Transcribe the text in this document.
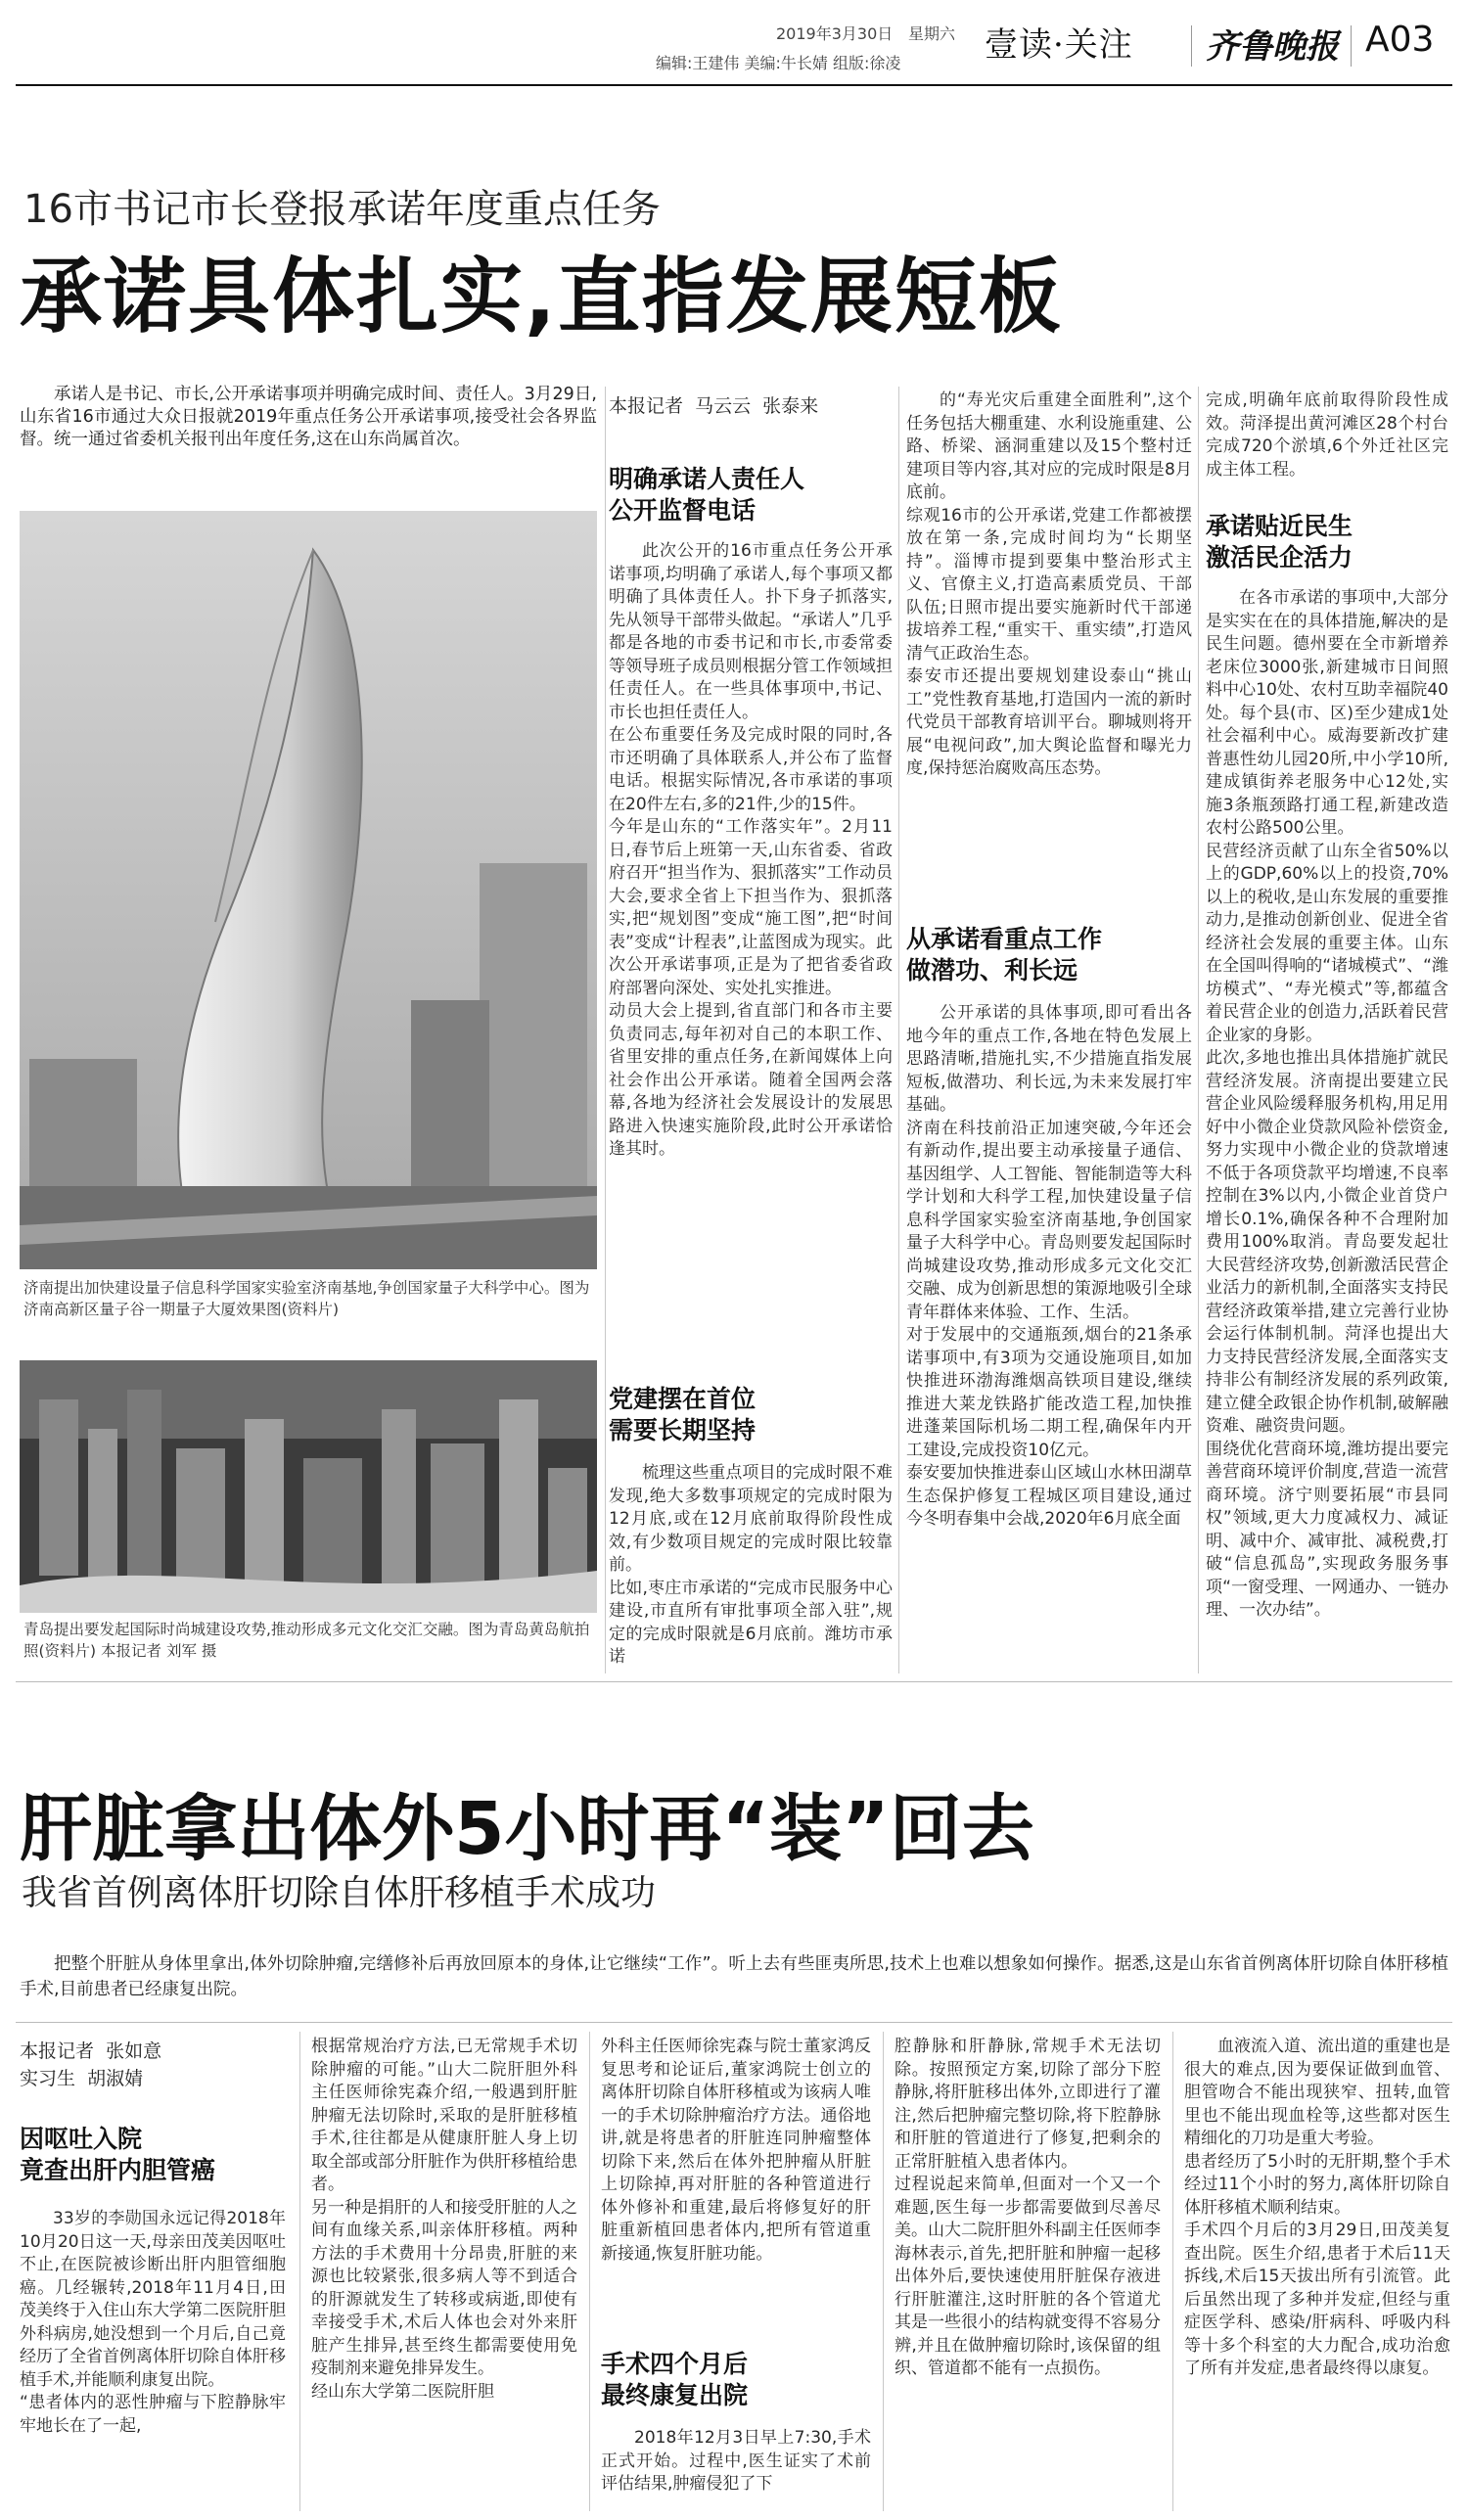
2019年3月30日 星期六
编辑:王建伟 美编:牛长婧 组版:徐凌	壹读·关注 齐鲁晚报 A03
16市书记市长登报承诺年度重点任务
承诺具体扎实,直指发展短板
承诺人是书记、市长,公开承诺事项并明确完成时间、责任人。3月29日,山东省16市通过大众日报就2019年重点任务公开承诺事项,接受社会各界监督。统一通过省委机关报刊出年度任务,这在山东尚属首次。
济南提出加快建设量子信息科学国家实验室济南基地,争创国家量子大科学中心。图为济南高新区量子谷一期量子大厦效果图(资料片)
青岛提出要发起国际时尚城建设攻势,推动形成多元文化交汇交融。图为青岛黄岛航拍照(资料片) 本报记者 刘军 摄
本报记者  马云云  张泰来
明确承诺人责任人
公开监督电话
此次公开的16市重点任务公开承诺事项,均明确了承诺人,每个事项又都明确了具体责任人。扑下身子抓落实,先从领导干部带头做起。“承诺人”几乎都是各地的市委书记和市长,市委常委等领导班子成员则根据分管工作领域担任责任人。在一些具体事项中,书记、市长也担任责任人。
在公布重要任务及完成时限的同时,各市还明确了具体联系人,并公布了监督电话。根据实际情况,各市承诺的事项在20件左右,多的21件,少的15件。
今年是山东的“工作落实年”。2月11日,春节后上班第一天,山东省委、省政府召开“担当作为、狠抓落实”工作动员大会,要求全省上下担当作为、狠抓落实,把“规划图”变成“施工图”,把“时间表”变成“计程表”,让蓝图成为现实。此次公开承诺事项,正是为了把省委省政府部署向深处、实处扎实推进。
动员大会上提到,省直部门和各市主要负责同志,每年初对自己的本职工作、省里安排的重点任务,在新闻媒体上向社会作出公开承诺。随着全国两会落幕,各地为经济社会发展设计的发展思路进入快速实施阶段,此时公开承诺恰逢其时。
党建摆在首位
需要长期坚持
梳理这些重点项目的完成时限不难发现,绝大多数事项规定的完成时限为12月底,或在12月底前取得阶段性成效,有少数项目规定的完成时限比较靠前。
比如,枣庄市承诺的“完成市民服务中心建设,市直所有审批事项全部入驻”,规定的完成时限就是6月底前。潍坊市承诺
的“寿光灾后重建全面胜利”,这个任务包括大棚重建、水利设施重建、公路、桥梁、涵洞重建以及15个整村迁建项目等内容,其对应的完成时限是8月底前。
综观16市的公开承诺,党建工作都被摆放在第一条,完成时间均为“长期坚持”。淄博市提到要集中整治形式主义、官僚主义,打造高素质党员、干部队伍;日照市提出要实施新时代干部递拔培养工程,“重实干、重实绩”,打造风清气正政治生态。
泰安市还提出要规划建设泰山“挑山工”党性教育基地,打造国内一流的新时代党员干部教育培训平台。聊城则将开展“电视问政”,加大舆论监督和曝光力度,保持惩治腐败高压态势。
从承诺看重点工作
做潜功、利长远
公开承诺的具体事项,即可看出各地今年的重点工作,各地在特色发展上思路清晰,措施扎实,不少措施直指发展短板,做潜功、利长远,为未来发展打牢基础。
济南在科技前沿正加速突破,今年还会有新动作,提出要主动承接量子通信、基因组学、人工智能、智能制造等大科学计划和大科学工程,加快建设量子信息科学国家实验室济南基地,争创国家量子大科学中心。青岛则要发起国际时尚城建设攻势,推动形成多元文化交汇交融、成为创新思想的策源地吸引全球青年群体来体验、工作、生活。
对于发展中的交通瓶颈,烟台的21条承诺事项中,有3项为交通设施项目,如加快推进环渤海潍烟高铁项目建设,继续推进大莱龙铁路扩能改造工程,加快推进蓬莱国际机场二期工程,确保年内开工建设,完成投资10亿元。
泰安要加快推进泰山区域山水林田湖草生态保护修复工程城区项目建设,通过今冬明春集中会战,2020年6月底全面
完成,明确年底前取得阶段性成效。菏泽提出黄河滩区28个村台完成720个淤填,6个外迁社区完成主体工程。
承诺贴近民生
激活民企活力
在各市承诺的事项中,大部分是实实在在的具体措施,解决的是民生问题。德州要在全市新增养老床位3000张,新建城市日间照料中心10处、农村互助幸福院40处。每个县(市、区)至少建成1处社会福利中心。威海要新改扩建普惠性幼儿园20所,中小学10所,建成镇街养老服务中心12处,实施3条瓶颈路打通工程,新建改造农村公路500公里。
民营经济贡献了山东全省50%以上的GDP,60%以上的投资,70%以上的税收,是山东发展的重要推动力,是推动创新创业、促进全省经济社会发展的重要主体。山东在全国叫得响的“诸城模式”、“潍坊模式”、“寿光模式”等,都蕴含着民营企业的创造力,活跃着民营企业家的身影。
此次,多地也推出具体措施扩就民营经济发展。济南提出要建立民营企业风险缓释服务机构,用足用好中小微企业贷款风险补偿资金,努力实现中小微企业的贷款增速不低于各项贷款平均增速,不良率控制在3%以内,小微企业首贷户增长0.1%,确保各种不合理附加费用100%取消。青岛要发起壮大民营经济攻势,创新激活民营企业活力的新机制,全面落实支持民营经济政策举措,建立完善行业协会运行体制机制。菏泽也提出大力支持民营经济发展,全面落实支持非公有制经济发展的系列政策,建立健全政银企协作机制,破解融资难、融资贵问题。
围绕优化营商环境,潍坊提出要完善营商环境评价制度,营造一流营商环境。济宁则要拓展“市县同权”领域,更大力度减权力、减证明、减中介、减审批、减税费,打破“信息孤岛”,实现政务服务事项“一窗受理、一网通办、一链办理、一次办结”。
肝脏拿出体外5小时再“装”回去
我省首例离体肝切除自体肝移植手术成功
把整个肝脏从身体里拿出,体外切除肿瘤,完缮修补后再放回原本的身体,让它继续“工作”。听上去有些匪夷所思,技术上也难以想象如何操作。据悉,这是山东省首例离体肝切除自体肝移植手术,目前患者已经康复出院。
本报记者  张如意
实习生  胡淑婧
因呕吐入院
竟查出肝内胆管癌
33岁的李勋国永远记得2018年10月20日这一天,母亲田茂美因呕吐不止,在医院被诊断出肝内胆管细胞癌。几经辗转,2018年11月4日,田茂美终于入住山东大学第二医院肝胆外科病房,她没想到一个月后,自己竟经历了全省首例离体肝切除自体肝移植手术,并能顺利康复出院。
“患者体内的恶性肿瘤与下腔静脉牢牢地长在了一起,
根据常规治疗方法,已无常规手术切除肿瘤的可能。”山大二院肝胆外科主任医师徐宪森介绍,一般遇到肝脏肿瘤无法切除时,采取的是肝脏移植手术,往往都是从健康肝脏人身上切取全部或部分肝脏作为供肝移植给患者。
另一种是捐肝的人和接受肝脏的人之间有血缘关系,叫亲体肝移植。两种方法的手术费用十分昂贵,肝脏的来源也比较紧张,很多病人等不到适合的肝源就发生了转移或病逝,即使有幸接受手术,术后人体也会对外来肝脏产生排异,甚至终生都需要使用免疫制剂来避免排异发生。
经山东大学第二医院肝胆
外科主任医师徐宪森与院士董家鸿反复思考和论证后,董家鸿院士创立的离体肝切除自体肝移植或为该病人唯一的手术切除肿瘤治疗方法。通俗地讲,就是将患者的肝脏连同肿瘤整体切除下来,然后在体外把肿瘤从肝脏上切除掉,再对肝脏的各种管道进行体外修补和重建,最后将修复好的肝脏重新植回患者体内,把所有管道重新接通,恢复肝脏功能。
手术四个月后
最终康复出院
2018年12月3日早上7:30,手术正式开始。过程中,医生证实了术前评估结果,肿瘤侵犯了下
腔静脉和肝静脉,常规手术无法切除。按照预定方案,切除了部分下腔静脉,将肝脏移出体外,立即进行了灌注,然后把肿瘤完整切除,将下腔静脉和肝脏的管道进行了修复,把剩余的正常肝脏植入患者体内。
过程说起来简单,但面对一个又一个难题,医生每一步都需要做到尽善尽美。山大二院肝胆外科副主任医师李海林表示,首先,把肝脏和肿瘤一起移出体外后,要快速使用肝脏保存液进行肝脏灌注,这时肝脏的各个管道尤其是一些很小的结构就变得不容易分辨,并且在做肿瘤切除时,该保留的组织、管道都不能有一点损伤。
血液流入道、流出道的重建也是很大的难点,因为要保证做到血管、胆管吻合不能出现狭窄、扭转,血管里也不能出现血栓等,这些都对医生精细化的刀功是重大考验。
患者经历了5小时的无肝期,整个手术经过11个小时的努力,离体肝切除自体肝移植术顺利结束。
手术四个月后的3月29日,田茂美复查出院。医生介绍,患者于术后11天拆线,术后15天拔出所有引流管。此后虽然出现了多种并发症,但经与重症医学科、感染/肝病科、呼吸内科等十多个科室的大力配合,成功治愈了所有并发症,患者最终得以康复。
